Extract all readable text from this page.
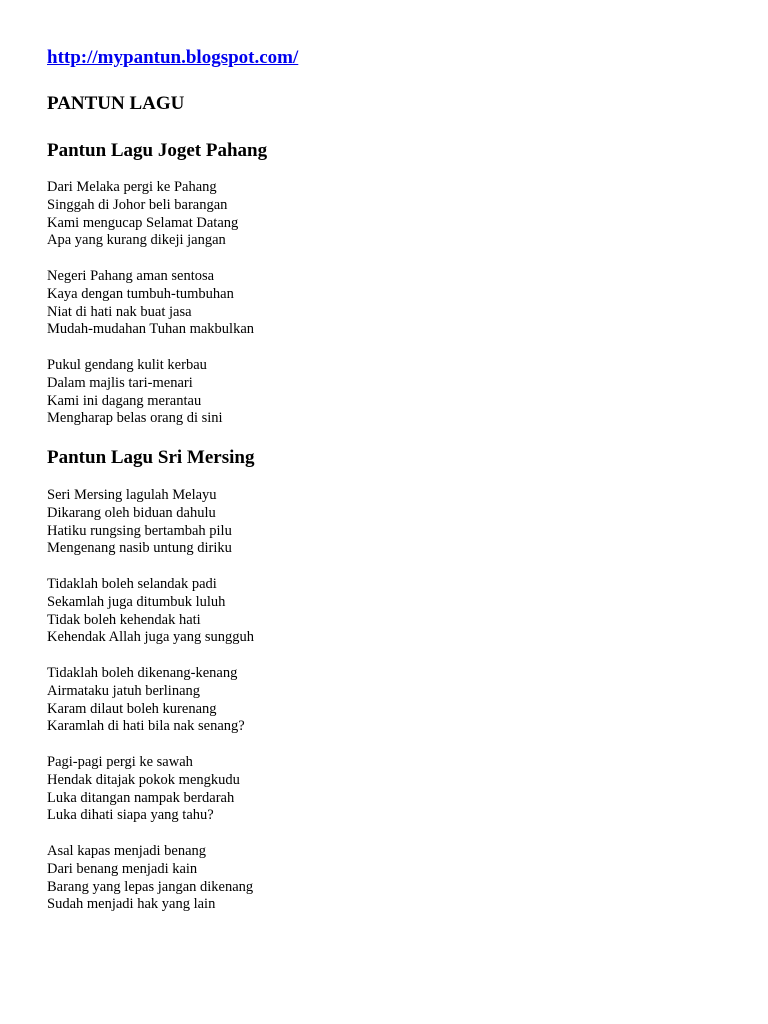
http://mypantun.blogspot.com/
PANTUN LAGU
Pantun Lagu Joget Pahang
Dari Melaka pergi ke Pahang
Singgah di Johor beli barangan
Kami mengucap Selamat Datang
Apa yang kurang dikeji jangan
Negeri Pahang aman sentosa
Kaya dengan tumbuh-tumbuhan
Niat di hati nak buat jasa
Mudah-mudahan Tuhan makbulkan
Pukul gendang kulit kerbau
Dalam majlis tari-menari
Kami ini dagang merantau
Mengharap belas orang di sini
Pantun Lagu Sri Mersing
Seri Mersing lagulah Melayu
Dikarang oleh biduan dahulu
Hatiku rungsing bertambah pilu
Mengenang nasib untung diriku
Tidaklah boleh selandak padi
Sekamlah juga ditumbuk luluh
Tidak boleh kehendak hati
Kehendak Allah juga yang sungguh
Tidaklah boleh dikenang-kenang
Airmataku jatuh berlinang
Karam dilaut boleh kurenang
Karamlah di hati bila nak senang?
Pagi-pagi pergi ke sawah
Hendak ditajak pokok mengkudu
Luka ditangan nampak berdarah
Luka dihati siapa yang tahu?
Asal kapas menjadi benang
Dari benang menjadi kain
Barang yang lepas jangan dikenang
Sudah menjadi hak yang lain
